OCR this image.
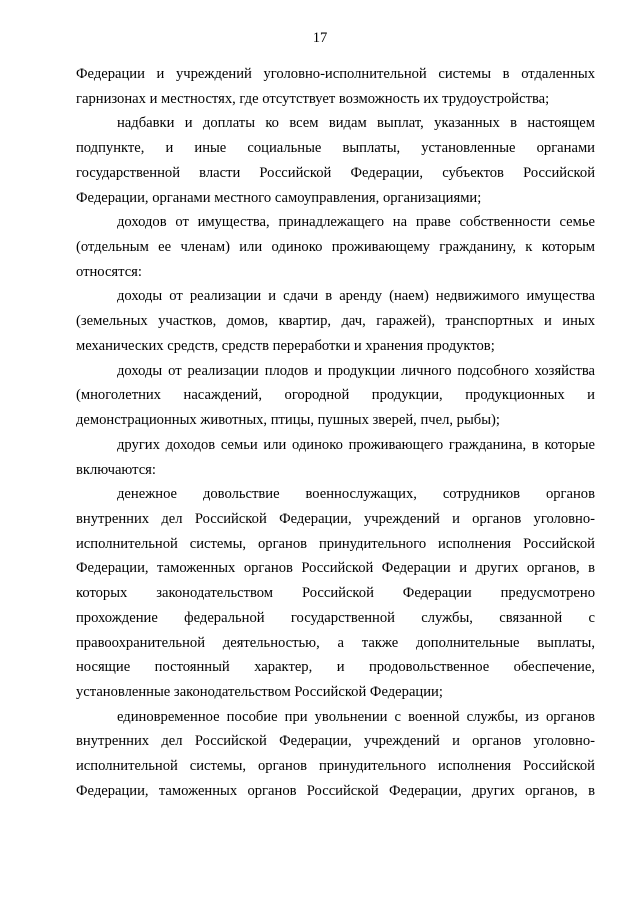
17
Федерации и учреждений уголовно-исполнительной системы в отдаленных
гарнизонах и местностях, где отсутствует возможность их трудоустройства;
надбавки и доплаты ко всем видам выплат, указанных в настоящем
подпункте, и иные социальные выплаты, установленные органами
государственной власти Российской Федерации, субъектов Российской
Федерации, органами местного самоуправления, организациями;
доходов от имущества, принадлежащего на праве собственности семье
(отдельным ее членам) или одиноко проживающему гражданину, к которым
относятся:
доходы от реализации и сдачи в аренду (наем) недвижимого имущества
(земельных участков, домов, квартир, дач, гаражей), транспортных и иных
механических средств, средств переработки и хранения продуктов;
доходы от реализации плодов и продукции личного подсобного хозяйства
(многолетних насаждений, огородной продукции, продукционных и
демонстрационных животных, птицы, пушных зверей, пчел, рыбы);
других доходов семьи или одиноко проживающего гражданина, в которые
включаются:
денежное довольствие военнослужащих, сотрудников органов
внутренних дел Российской Федерации, учреждений и органов уголовно-
исполнительной системы, органов принудительного исполнения Российской
Федерации, таможенных органов Российской Федерации и других органов, в
которых законодательством Российской Федерации предусмотрено
прохождение федеральной государственной службы, связанной с
правоохранительной деятельностью, а также дополнительные выплаты,
носящие постоянный характер, и продовольственное обеспечение,
установленные законодательством Российской Федерации;
единовременное пособие при увольнении с военной службы, из органов
внутренних дел Российской Федерации, учреждений и органов уголовно-
исполнительной системы, органов принудительного исполнения Российской
Федерации, таможенных органов Российской Федерации, других органов, в
